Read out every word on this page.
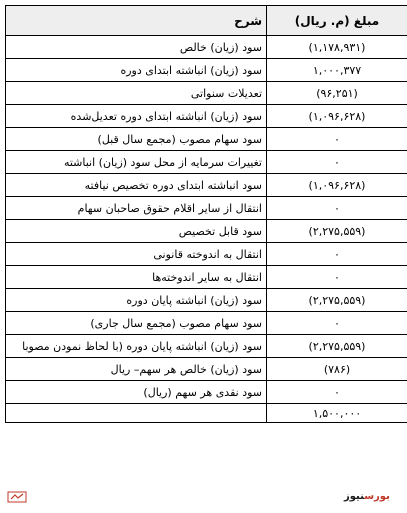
شرح	مبلغ (م. ریال)
سود (زیان) خالص	(۱,۱۷۸,۹۳۱)
سود (زیان) انباشته ابتدای دوره	۱,۰۰۰,۳۷۷
تعدیلات سنواتی	(۹۶,۲۵۱)
سود (زیان) انباشته ابتدای دوره تعدیل‌شده	(۱,۰۹۶,۶۲۸)
سود سهام مصوب (مجمع سال قبل)	۰
تغییرات سرمایه از محل سود (زیان) انباشته	۰
سود انباشته ابتدای دوره تخصیص نیافته	(۱,۰۹۶,۶۲۸)
انتقال از سایر اقلام حقوق صاحبان سهام	۰
سود قابل تخصیص	(۲,۲۷۵,۵۵۹)
انتقال به اندوخته قانونی	۰
انتقال به سایر اندوخته‌ها	۰
سود (زیان) انباشته پایان دوره	(۲,۲۷۵,۵۵۹)
سود سهام مصوب (مجمع سال جاری)	۰
سود (زیان) انباشته پایان دوره (با لحاظ نمودن مصوبا	(۲,۲۷۵,۵۵۹)
سود (زیان) خالص هر سهم– ریال	(۷۸۶)
سود نقدی هر سهم (ریال)	۰
	۱,۵۰۰,۰۰۰
بورسنیوز
